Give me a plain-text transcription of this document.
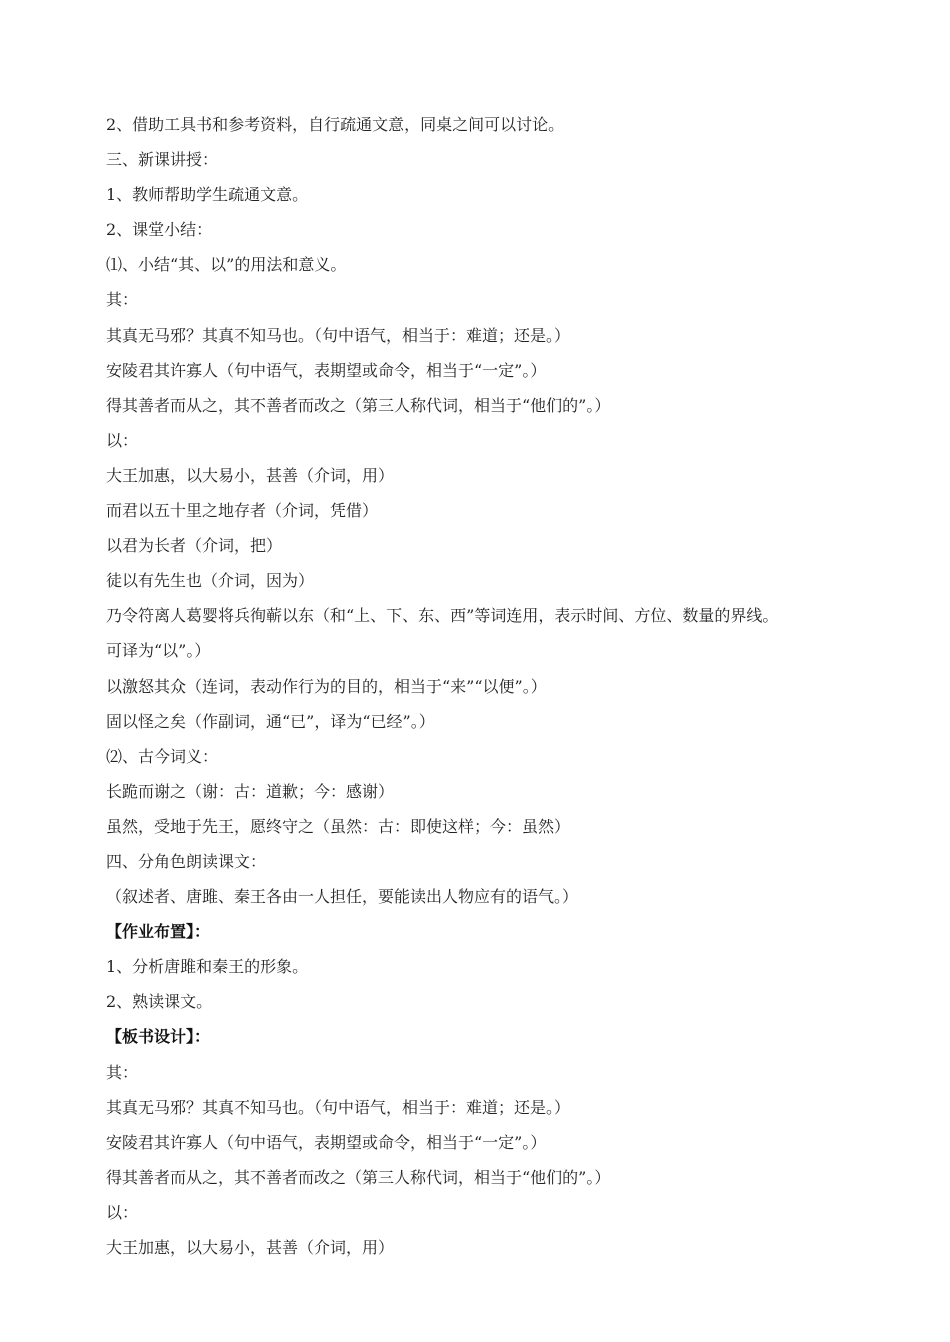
2、借助工具书和参考资料，自行疏通文意，同桌之间可以讨论。
三、新课讲授：
1、教师帮助学生疏通文意。
2、课堂小结：
⑴、小结“其、以”的用法和意义。
其：
其真无马邪？其真不知马也。（句中语气，相当于：难道；还是。）
安陵君其许寡人（句中语气，表期望或命令，相当于“一定”。）
得其善者而从之，其不善者而改之（第三人称代词，相当于“他们的”。）
以：
大王加惠，以大易小，甚善（介词，用）
而君以五十里之地存者（介词，凭借）
以君为长者（介词，把）
徒以有先生也（介词，因为）
乃令符离人葛婴将兵徇蕲以东（和“上、下、东、西”等词连用，表示时间、方位、数量的界线。
可译为“以”。）
以激怒其众（连词，表动作行为的目的，相当于“来”“以便”。）
固以怪之矣（作副词，通“已”，译为“已经”。）
⑵、古今词义：
长跪而谢之（谢：古：道歉；今：感谢）
虽然，受地于先王，愿终守之（虽然：古：即使这样；今：虽然）
四、分角色朗读课文：
（叙述者、唐雎、秦王各由一人担任，要能读出人物应有的语气。）
【作业布置】：
1、分析唐雎和秦王的形象。
2、熟读课文。
【板书设计】：
其：
其真无马邪？其真不知马也。（句中语气，相当于：难道；还是。）
安陵君其许寡人（句中语气，表期望或命令，相当于“一定”。）
得其善者而从之，其不善者而改之（第三人称代词，相当于“他们的”。）
以：
大王加惠，以大易小，甚善（介词，用）
